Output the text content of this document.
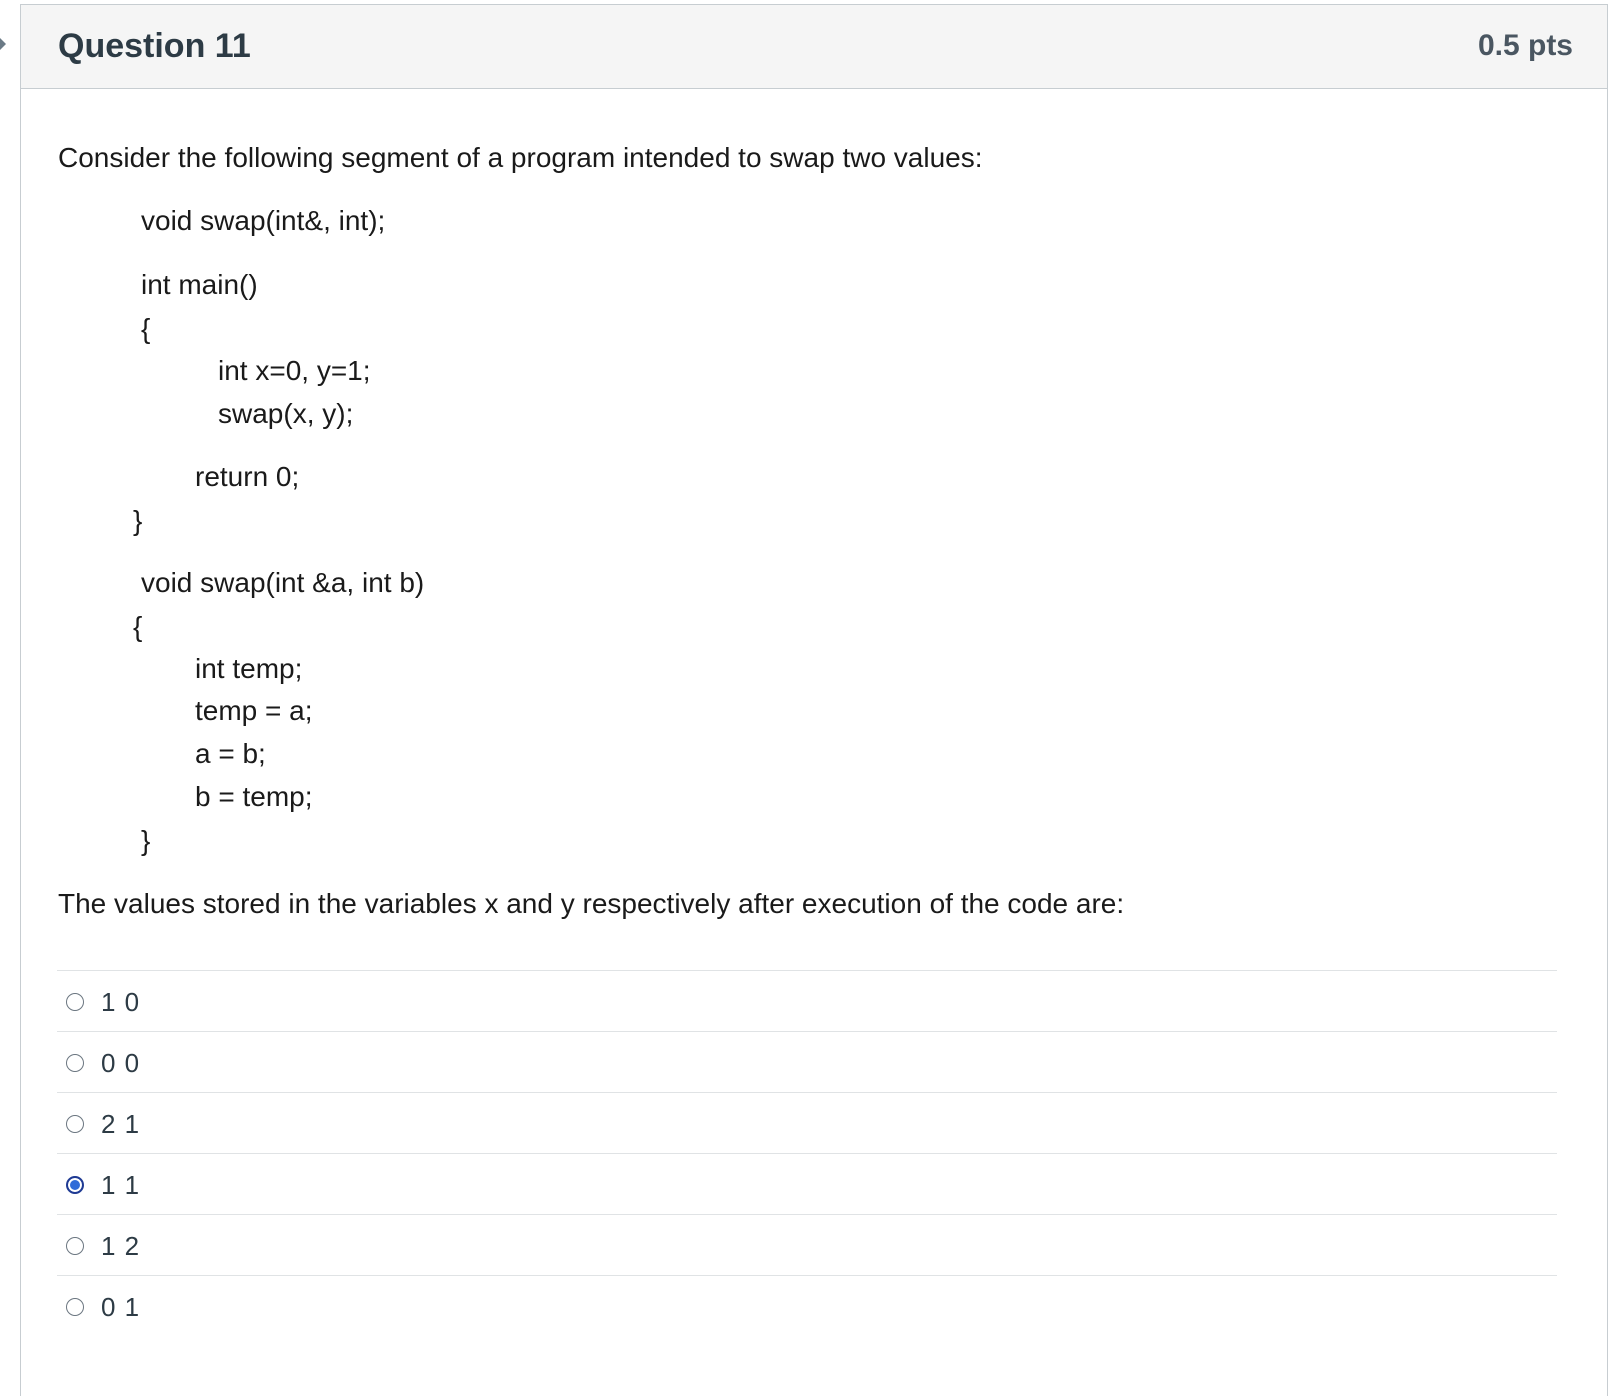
Question 11	0.5 pts
Consider the following segment of a program intended to swap two values:
void swap(int&, int);
int main()
{
int x=0, y=1;
swap(x, y);
return 0;
}
void swap(int &a, int b)
{
int temp;
temp = a;
a = b;
b = temp;
}
The values stored in the variables x and y respectively after execution of the code are:
1 0
0 0
2 1
1 1
1 2
0 1
